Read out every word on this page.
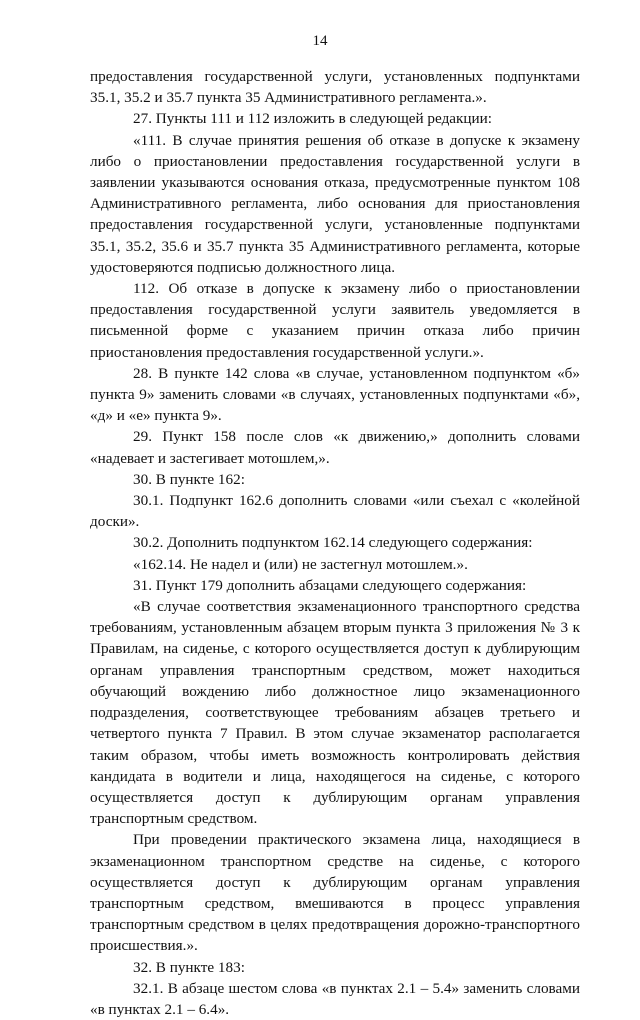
14

предоставления государственной услуги, установленных подпунктами 35.1, 35.2 и 35.7 пункта 35 Административного регламента.».

27. Пункты 111 и 112 изложить в следующей редакции:

«111. В случае принятия решения об отказе в допуске к экзамену либо о приостановлении предоставления государственной услуги в заявлении указываются основания отказа, предусмотренные пунктом 108 Административного регламента, либо основания для приостановления предоставления государственной услуги, установленные подпунктами 35.1, 35.2, 35.6 и 35.7 пункта 35 Административного регламента, которые удостоверяются подписью должностного лица.

112. Об отказе в допуске к экзамену либо о приостановлении предоставления государственной услуги заявитель уведомляется в письменной форме с указанием причин отказа либо причин приостановления предоставления государственной услуги.».

28. В пункте 142 слова «в случае, установленном подпунктом «б» пункта 9» заменить словами «в случаях, установленных подпунктами «б», «д» и «е» пункта 9».

29. Пункт 158 после слов «к движению,» дополнить словами «надевает и застегивает мотошлем,».

30. В пункте 162:

30.1. Подпункт 162.6 дополнить словами «или съехал с «колейной доски».

30.2. Дополнить подпунктом 162.14 следующего содержания:

«162.14. Не надел и (или) не застегнул мотошлем.».

31. Пункт 179 дополнить абзацами следующего содержания:

«В случае соответствия экзаменационного транспортного средства требованиям, установленным абзацем вторым пункта 3 приложения № 3 к Правилам, на сиденье, с которого осуществляется доступ к дублирующим органам управления транспортным средством, может находиться обучающий вождению либо должностное лицо экзаменационного подразделения, соответствующее требованиям абзацев третьего и четвертого пункта 7 Правил. В этом случае экзаменатор располагается таким образом, чтобы иметь возможность контролировать действия кандидата в водители и лица, находящегося на сиденье, с которого осуществляется доступ к дублирующим органам управления транспортным средством.

При проведении практического экзамена лица, находящиеся в экзаменационном транспортном средстве на сиденье, с которого осуществляется доступ к дублирующим органам управления транспортным средством, вмешиваются в процесс управления транспортным средством в целях предотвращения дорожно-транспортного происшествия.».

32. В пункте 183:

32.1. В абзаце шестом слова «в пунктах 2.1 – 5.4» заменить словами «в пунктах 2.1 – 6.4».
